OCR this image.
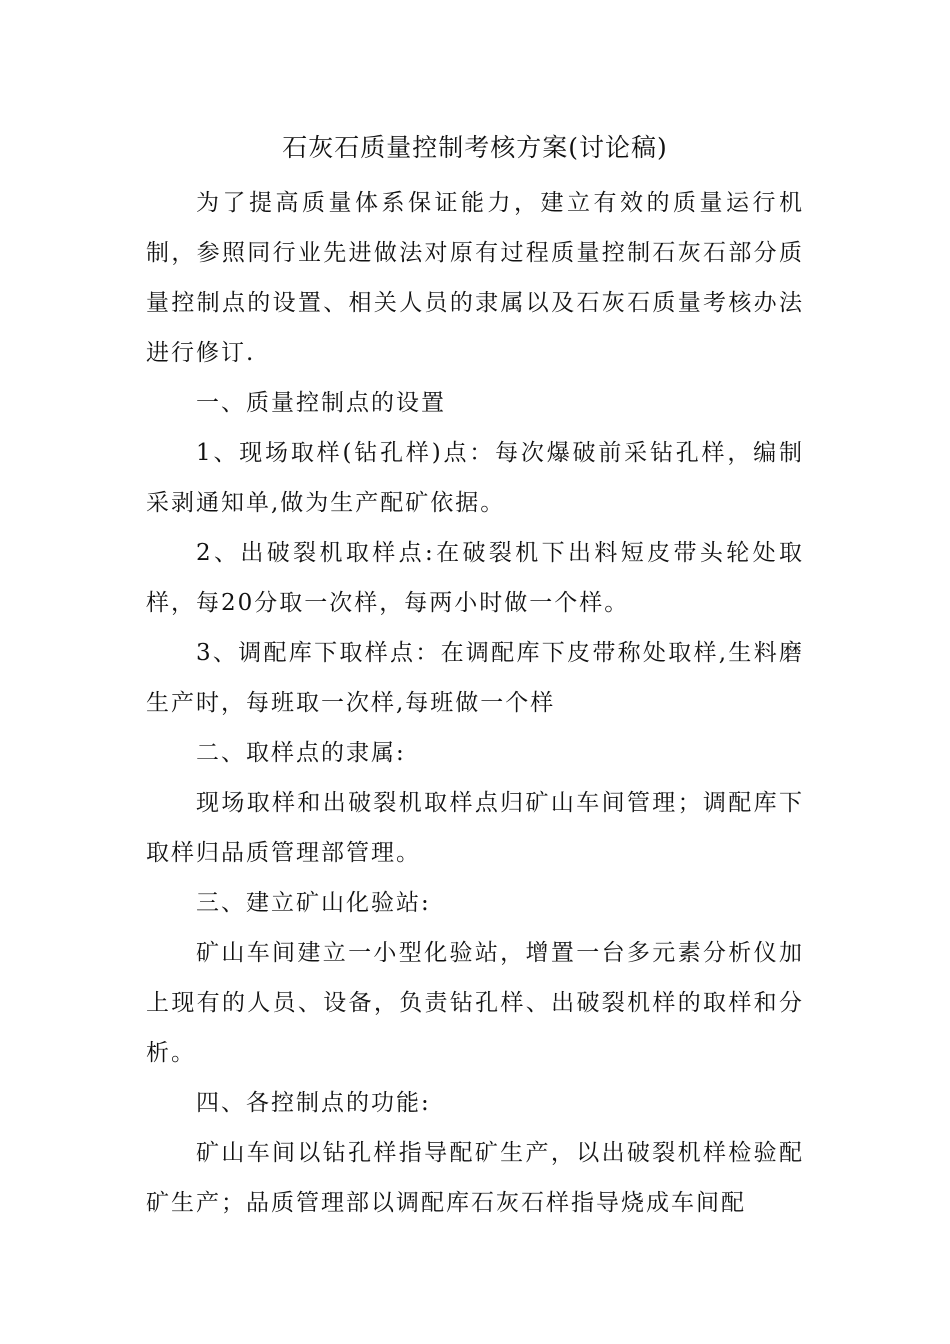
石灰石质量控制考核方案(讨论稿)

为了提高质量体系保证能力，建立有效的质量运行机制，参照同行业先进做法对原有过程质量控制石灰石部分质量控制点的设置、相关人员的隶属以及石灰石质量考核办法进行修订.

一、质量控制点的设置

1、现场取样(钻孔样)点：每次爆破前采钻孔样，编制采剥通知单,做为生产配矿依据。

2、出破裂机取样点:在破裂机下出料短皮带头轮处取样，每20分取一次样，每两小时做一个样。

3、调配库下取样点：在调配库下皮带称处取样,生料磨生产时，每班取一次样,每班做一个样

二、取样点的隶属:

现场取样和出破裂机取样点归矿山车间管理；调配库下取样归品质管理部管理。

三、建立矿山化验站:

矿山车间建立一小型化验站，增置一台多元素分析仪加上现有的人员、设备，负责钻孔样、出破裂机样的取样和分析。

四、各控制点的功能:

矿山车间以钻孔样指导配矿生产，以出破裂机样检验配矿生产；品质管理部以调配库石灰石样指导烧成车间配
